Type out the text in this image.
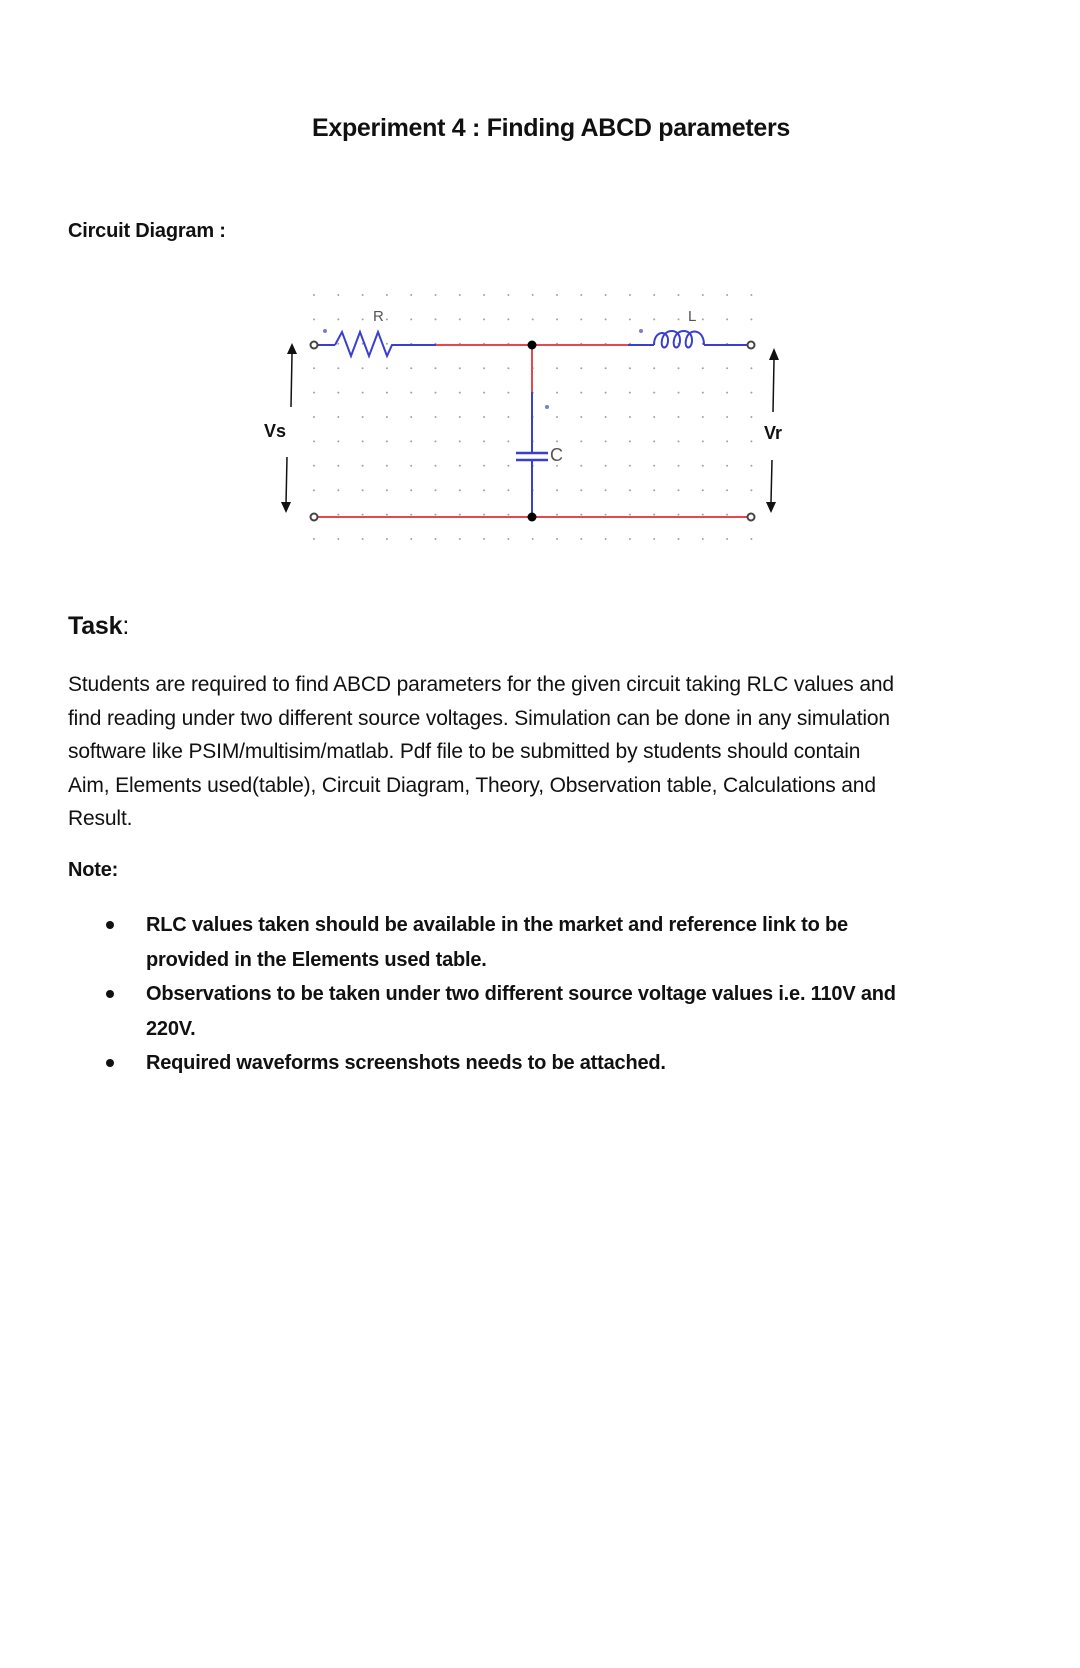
Experiment 4 : Finding ABCD parameters
Circuit Diagram :
R	L
C
Vs	Vr
Task:
Students are required to find ABCD parameters for the given circuit taking RLC values and
find reading under two different source voltages. Simulation can be done in any simulation
software like PSIM/multisim/matlab. Pdf file to be submitted by students should contain
Aim, Elements used(table), Circuit Diagram, Theory, Observation table, Calculations and
Result.
Note:
RLC values taken should be available in the market and reference link to be
provided in the Elements used table.
Observations to be taken under two different source voltage values i.e. 110V and
220V.
Required waveforms screenshots needs to be attached.
